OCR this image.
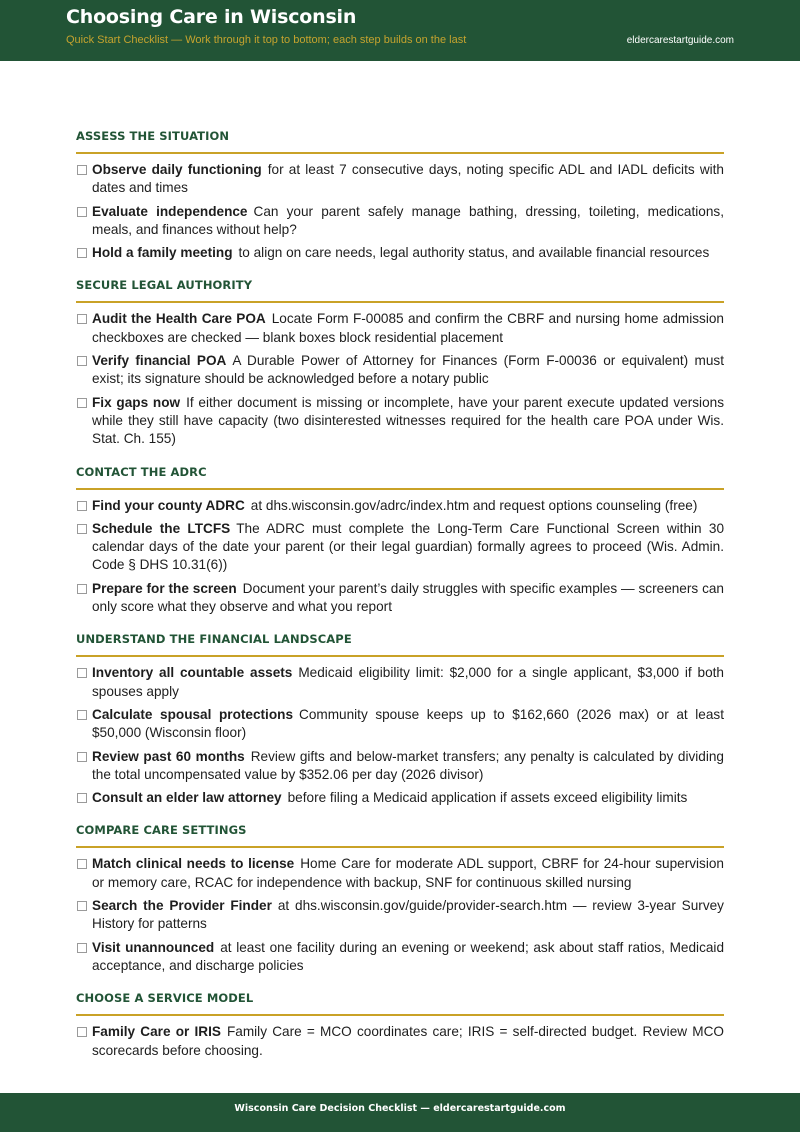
Choosing Care in Wisconsin
Quick Start Checklist — Work through it top to bottom; each step builds on the last	eldercarestartguide.com
ASSESS THE SITUATION
Observe daily functioning for at least 7 consecutive days, noting specific ADL and IADL deficits with dates and times
Evaluate independence Can your parent safely manage bathing, dressing, toileting, medications, meals, and finances without help?
Hold a family meeting to align on care needs, legal authority status, and available financial resources
SECURE LEGAL AUTHORITY
Audit the Health Care POA Locate Form F-00085 and confirm the CBRF and nursing home admission checkboxes are checked — blank boxes block residential placement
Verify financial POA A Durable Power of Attorney for Finances (Form F-00036 or equivalent) must exist; its signature should be acknowledged before a notary public
Fix gaps now If either document is missing or incomplete, have your parent execute updated versions while they still have capacity (two disinterested witnesses required for the health care POA under Wis. Stat. Ch. 155)
CONTACT THE ADRC
Find your county ADRC at dhs.wisconsin.gov/adrc/index.htm and request options counseling (free)
Schedule the LTCFS The ADRC must complete the Long-Term Care Functional Screen within 30 calendar days of the date your parent (or their legal guardian) formally agrees to proceed (Wis. Admin. Code § DHS 10.31(6))
Prepare for the screen Document your parent’s daily struggles with specific examples — screeners can only score what they observe and what you report
UNDERSTAND THE FINANCIAL LANDSCAPE
Inventory all countable assets Medicaid eligibility limit: $2,000 for a single applicant, $3,000 if both spouses apply
Calculate spousal protections Community spouse keeps up to $162,660 (2026 max) or at least $50,000 (Wisconsin floor)
Review past 60 months Review gifts and below-market transfers; any penalty is calculated by dividing the total uncompensated value by $352.06 per day (2026 divisor)
Consult an elder law attorney before filing a Medicaid application if assets exceed eligibility limits
COMPARE CARE SETTINGS
Match clinical needs to license Home Care for moderate ADL support, CBRF for 24-hour supervision or memory care, RCAC for independence with backup, SNF for continuous skilled nursing
Search the Provider Finder at dhs.wisconsin.gov/guide/provider-search.htm — review 3-year Survey History for patterns
Visit unannounced at least one facility during an evening or weekend; ask about staff ratios, Medicaid acceptance, and discharge policies
CHOOSE A SERVICE MODEL
Family Care or IRIS Family Care = MCO coordinates care; IRIS = self-directed budget. Review MCO scorecards before choosing.
Wisconsin Care Decision Checklist — eldercarestartguide.com
